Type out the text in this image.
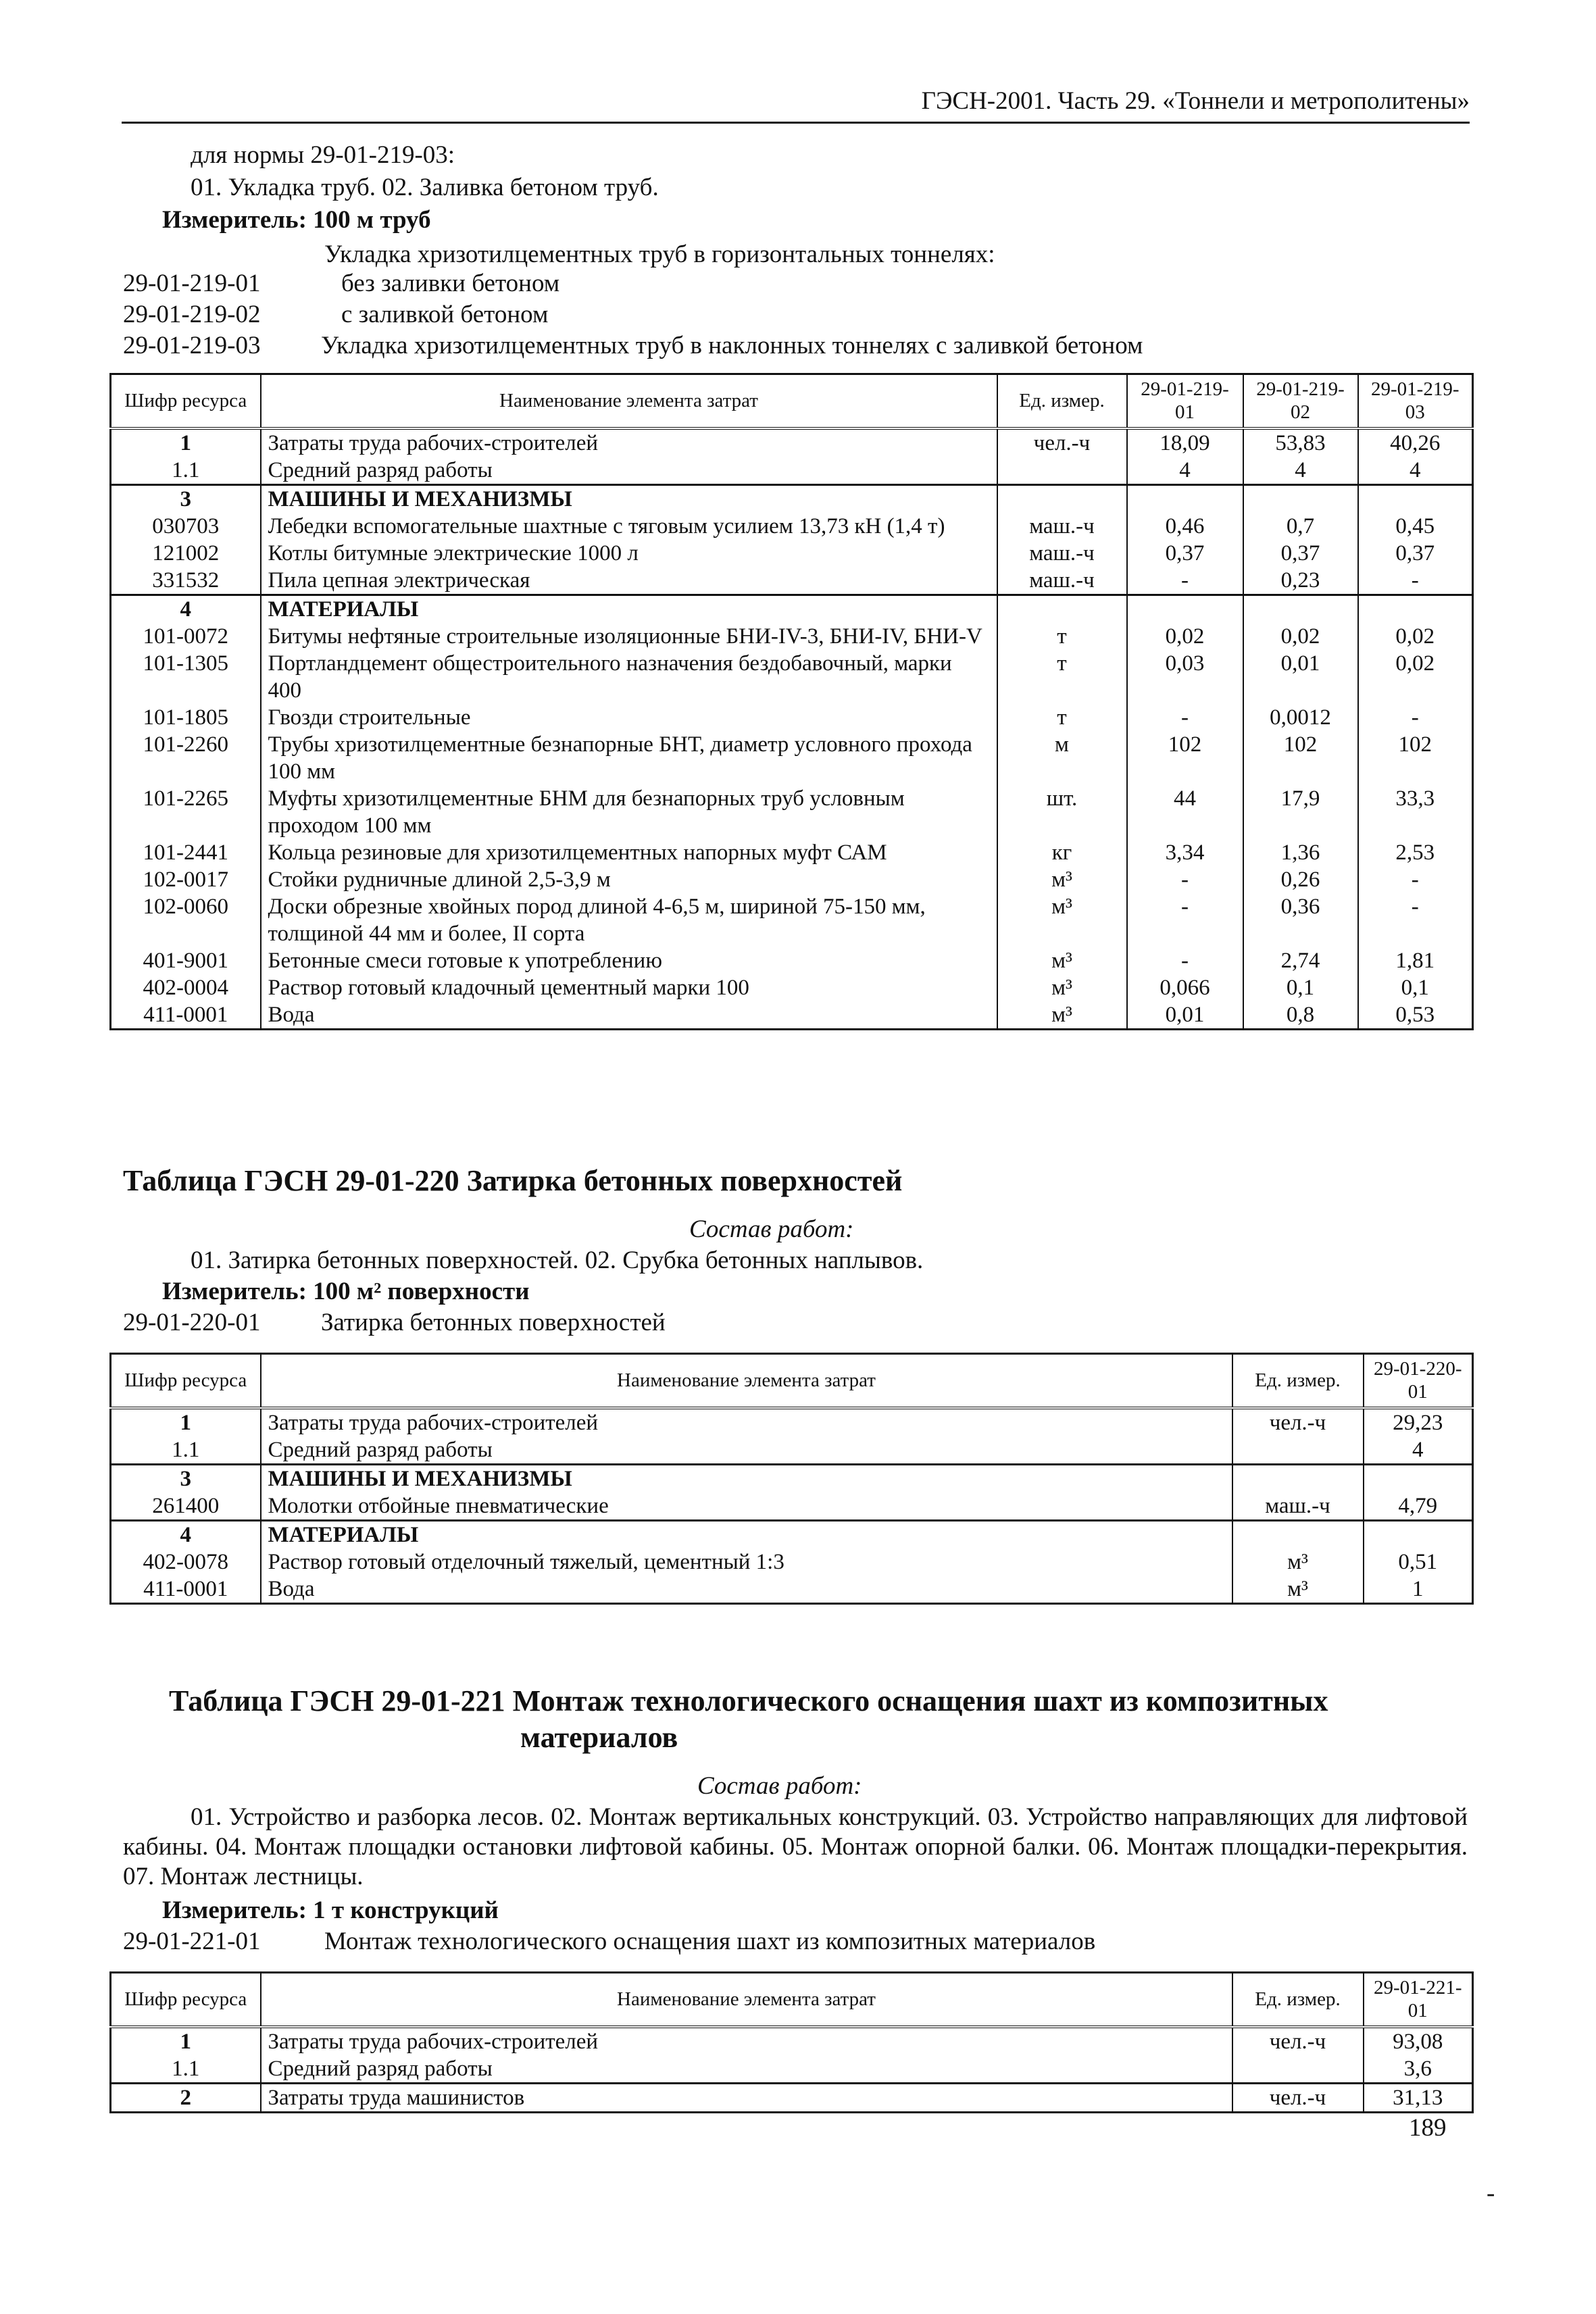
ГЭСН-2001. Часть 29. «Тоннели и метрополитены»
для нормы 29-01-219-03:
01. Укладка труб. 02. Заливка бетоном труб.
Измеритель: 100 м труб
Укладка хризотилцементных труб в горизонтальных тоннелях:
29-01-219-01	без заливки бетоном
29-01-219-02	с заливкой бетоном
29-01-219-03 Укладка хризотилцементных труб в наклонных тоннелях с заливкой бетоном
Шифр ресурса	Наименование элемента затрат	Ед. измер.	29-01-219-01	29-01-219-02	29-01-219-03
1	Затраты труда рабочих-строителей	чел.-ч	18,09	53,83	40,26
1.1	Средний разряд работы		4	4	4
3	МАШИНЫ И МЕХАНИЗМЫ				
030703	Лебедки вспомогательные шахтные с тяговым усилием 13,73 кН (1,4 т)	маш.-ч	0,46	0,7	0,45
121002	Котлы битумные электрические 1000 л	маш.-ч	0,37	0,37	0,37
331532	Пила цепная электрическая	маш.-ч	-	0,23	-
4	МАТЕРИАЛЫ				
101-0072	Битумы нефтяные строительные изоляционные БНИ-IV-3, БНИ-IV, БНИ-V	т	0,02	0,02	0,02
101-1305	Портландцемент общестроительного назначения бездобавочный, марки 400	т	0,03	0,01	0,02
101-1805	Гвозди строительные	т	-	0,0012	-
101-2260	Трубы хризотилцементные безнапорные БНТ, диаметр условного прохода 100 мм	м	102	102	102
101-2265	Муфты хризотилцементные БНМ для безнапорных труб условным проходом 100 мм	шт.	44	17,9	33,3
101-2441	Кольца резиновые для хризотилцементных напорных муфт САМ	кг	3,34	1,36	2,53
102-0017	Стойки рудничные длиной 2,5-3,9 м	м³	-	0,26	-
102-0060	Доски обрезные хвойных пород длиной 4-6,5 м, шириной 75-150 мм, толщиной 44 мм и более, II сорта	м³	-	0,36	-
401-9001	Бетонные смеси готовые к употреблению	м³	-	2,74	1,81
402-0004	Раствор готовый кладочный цементный марки 100	м³	0,066	0,1	0,1
411-0001	Вода	м³	0,01	0,8	0,53
Таблица ГЭСН 29-01-220 Затирка бетонных поверхностей
Состав работ:
01. Затирка бетонных поверхностей. 02. Срубка бетонных наплывов.
Измеритель: 100 м² поверхности
29-01-220-01 Затирка бетонных поверхностей
Шифр ресурса	Наименование элемента затрат	Ед. измер.	29-01-220-01
1	Затраты труда рабочих-строителей	чел.-ч	29,23
1.1	Средний разряд работы		4
3	МАШИНЫ И МЕХАНИЗМЫ		
261400	Молотки отбойные пневматические	маш.-ч	4,79
4	МАТЕРИАЛЫ		
402-0078	Раствор готовый отделочный тяжелый, цементный 1:3	м³	0,51
411-0001	Вода	м³	1
Таблица ГЭСН 29-01-221 Монтаж технологического оснащения шахт из композитных
материалов
Состав работ:
01. Устройство и разборка лесов. 02. Монтаж вертикальных конструкций. 03. Устройство направляющих для лифтовой кабины. 04. Монтаж площадки остановки лифтовой кабины. 05. Монтаж опорной балки. 06. Монтаж площадки-перекрытия. 07. Монтаж лестницы.
Измеритель: 1 т конструкций
29-01-221-01	Монтаж технологического оснащения шахт из композитных материалов
Шифр ресурса	Наименование элемента затрат	Ед. измер.	29-01-221-01
1	Затраты труда рабочих-строителей	чел.-ч	93,08
1.1	Средний разряд работы		3,6
2	Затраты труда машинистов	чел.-ч	31,13
189
-
